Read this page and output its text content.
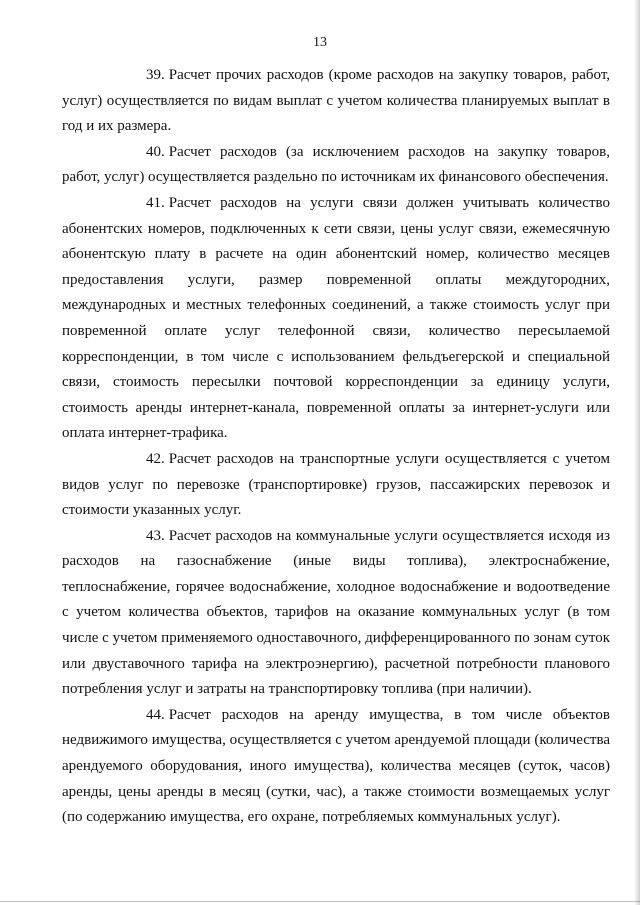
13

39. Расчет прочих расходов (кроме расходов на закупку товаров, работ, услуг) осуществляется по видам выплат с учетом количества планируемых выплат в год и их размера.

40. Расчет расходов (за исключением расходов на закупку товаров, работ, услуг) осуществляется раздельно по источникам их финансового обеспечения.

41. Расчет расходов на услуги связи должен учитывать количество абонентских номеров, подключенных к сети связи, цены услуг связи, ежемесячную абонентскую плату в расчете на один абонентский номер, количество месяцев предоставления услуги, размер повременной оплаты междугородних, международных и местных телефонных соединений, а также стоимость услуг при повременной оплате услуг телефонной связи, количество пересылаемой корреспонденции, в том числе с использованием фельдъегерской и специальной связи, стоимость пересылки почтовой корреспонденции за единицу услуги, стоимость аренды интернет-канала, повременной оплаты за интернет-услуги или оплата интернет-трафика.

42. Расчет расходов на транспортные услуги осуществляется с учетом видов услуг по перевозке (транспортировке) грузов, пассажирских перевозок и стоимости указанных услуг.

43. Расчет расходов на коммунальные услуги осуществляется исходя из расходов на газоснабжение (иные виды топлива), электроснабжение, теплоснабжение, горячее водоснабжение, холодное водоснабжение и водоотведение с учетом количества объектов, тарифов на оказание коммунальных услуг (в том числе с учетом применяемого одноставочного, дифференцированного по зонам суток или двуставочного тарифа на электроэнергию), расчетной потребности планового потребления услуг и затраты на транспортировку топлива (при наличии).

44. Расчет расходов на аренду имущества, в том числе объектов недвижимого имущества, осуществляется с учетом арендуемой площади (количества арендуемого оборудования, иного имущества), количества месяцев (суток, часов) аренды, цены аренды в месяц (сутки, час), а также стоимости возмещаемых услуг (по содержанию имущества, его охране, потребляемых коммунальных услуг).
